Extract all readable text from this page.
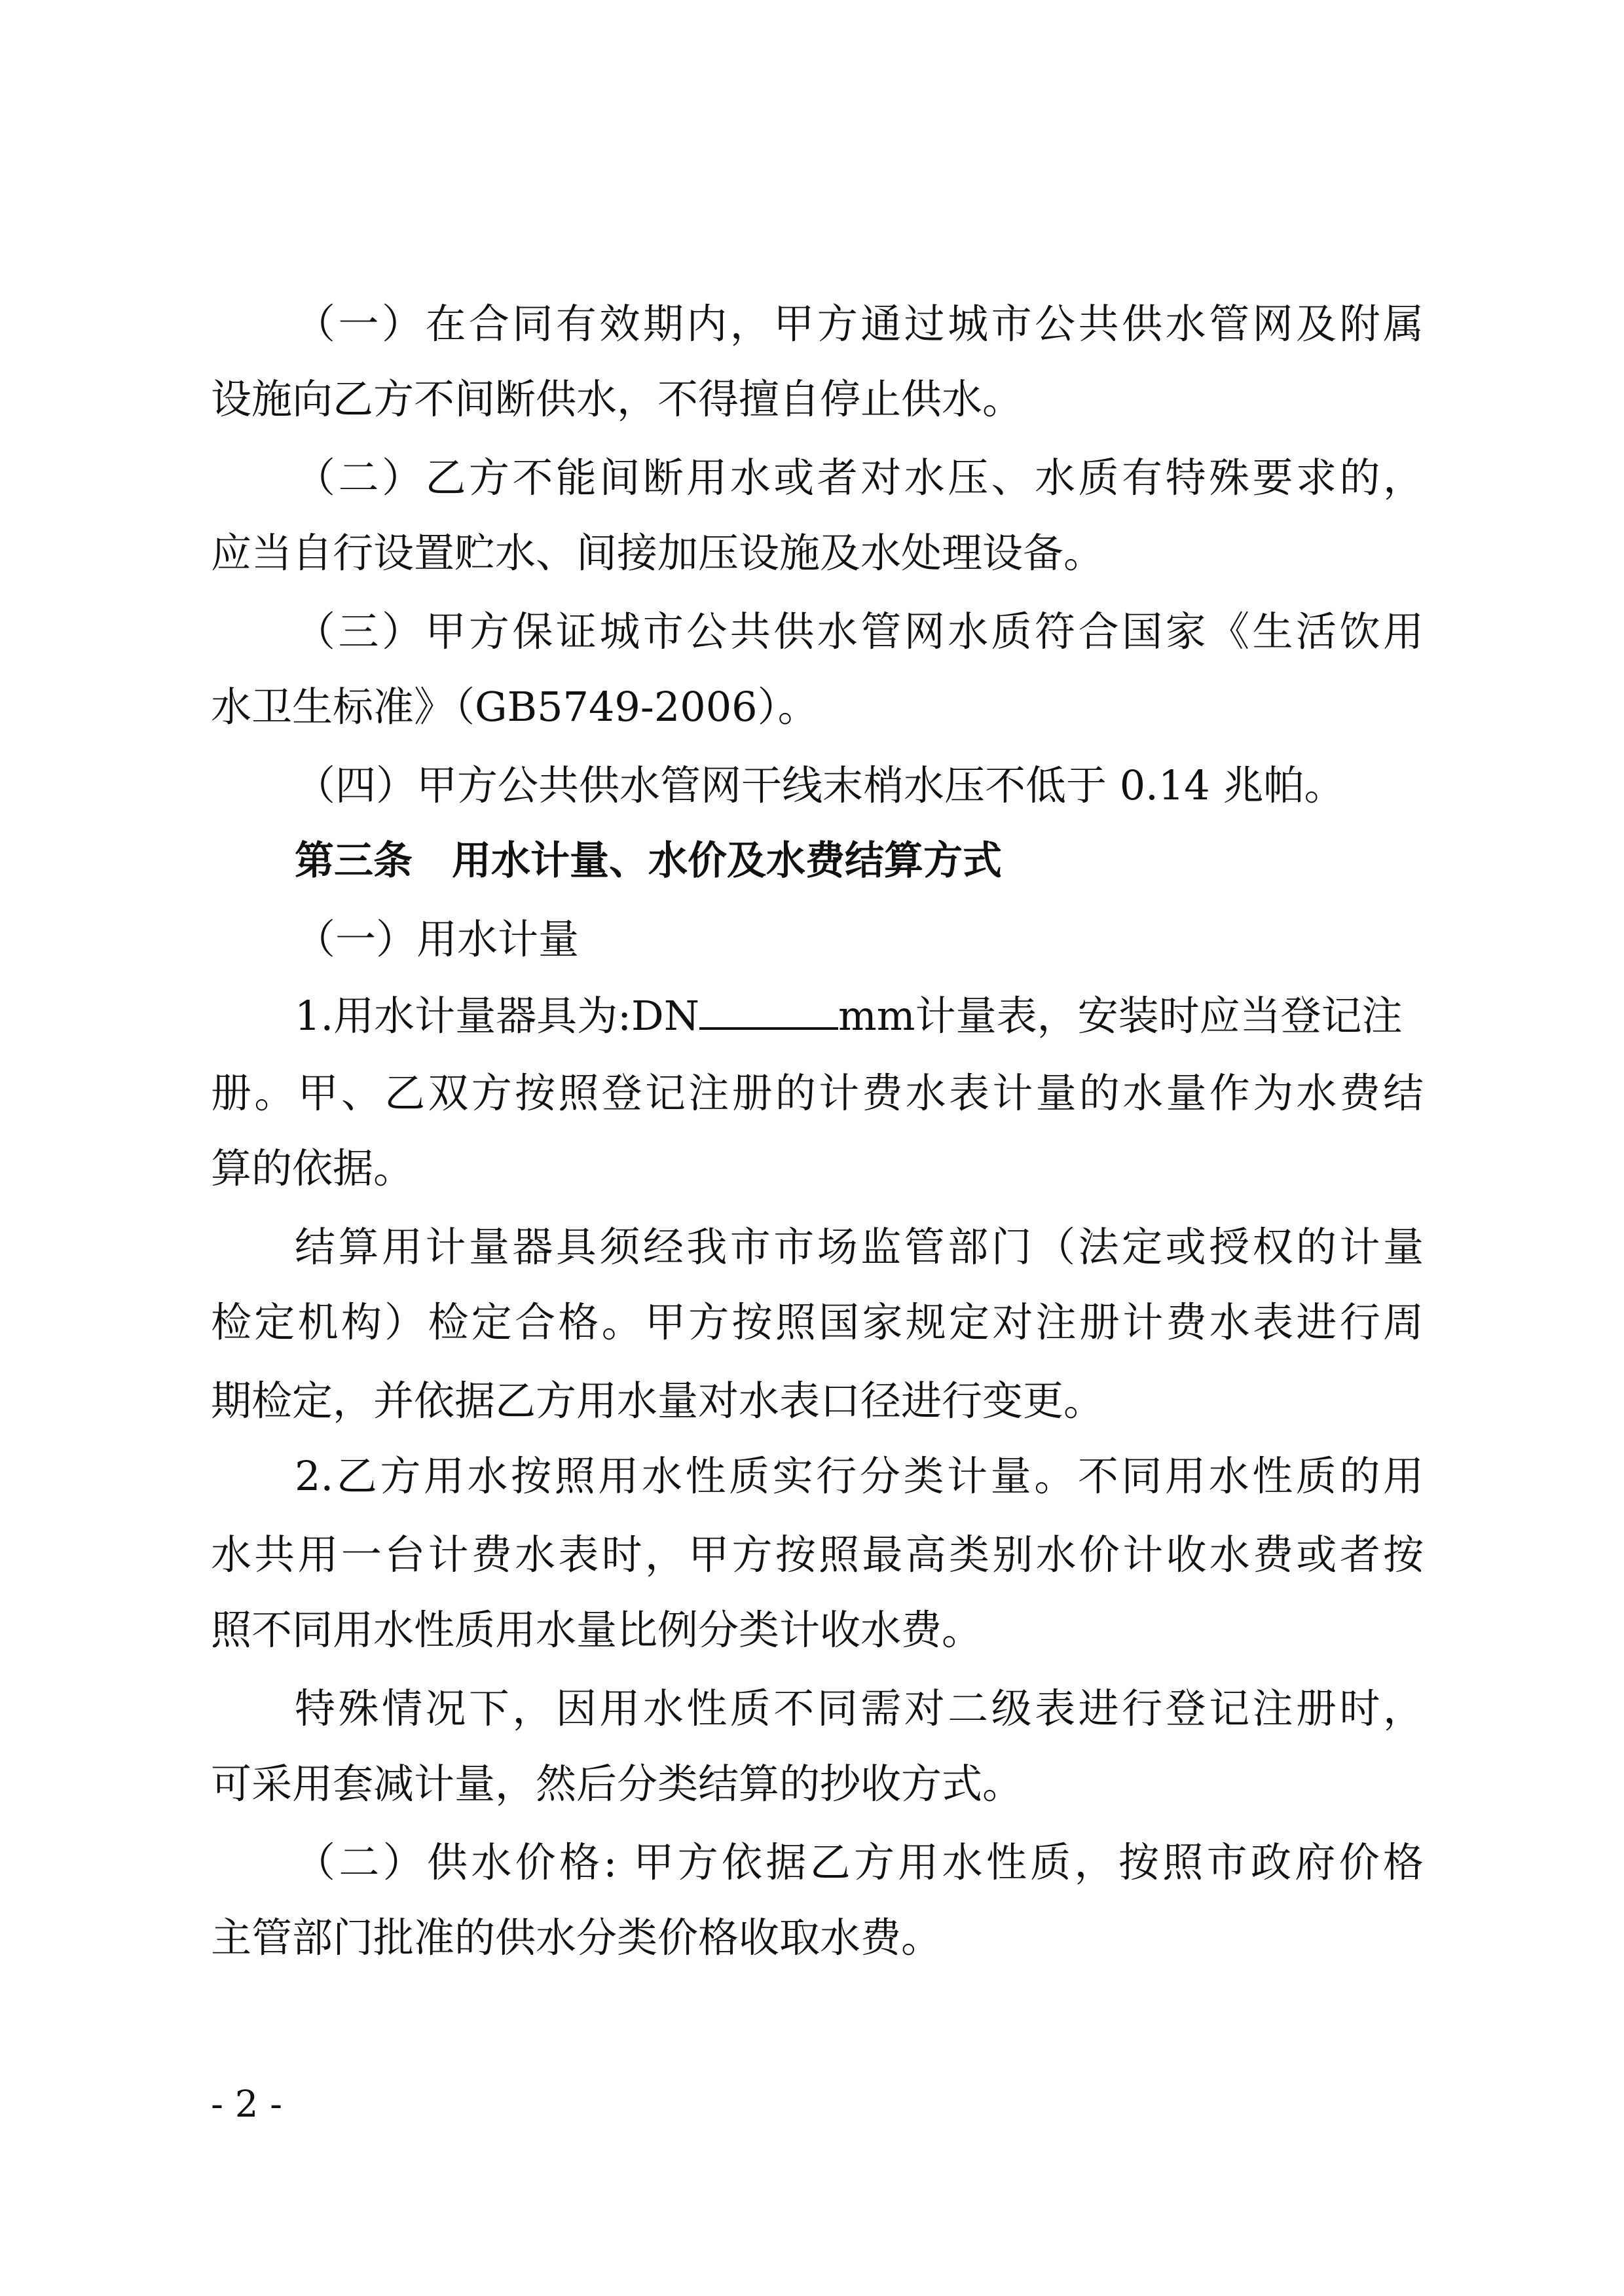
（一）在合同有效期内，甲方通过城市公共供水管网及附属
设施向乙方不间断供水，不得擅自停止供水。
（二）乙方不能间断用水或者对水压、水质有特殊要求的，
应当自行设置贮水、间接加压设施及水处理设备。
（三）甲方保证城市公共供水管网水质符合国家《生活饮用
水卫生标准》（GB5749-2006）。
（四）甲方公共供水管网干线末梢水压不低于 0.14 兆帕。
第三条　用水计量、水价及水费结算方式
（一）用水计量
1.用水计量器具为:DN	mm计量表，安装时应当登记注
册。甲、乙双方按照登记注册的计费水表计量的水量作为水费结
算的依据。
结算用计量器具须经我市市场监管部门（法定或授权的计量
检定机构）检定合格。甲方按照国家规定对注册计费水表进行周
期检定，并依据乙方用水量对水表口径进行变更。
2.乙方用水按照用水性质实行分类计量。不同用水性质的用
水共用一台计费水表时，甲方按照最高类别水价计收水费或者按
照不同用水性质用水量比例分类计收水费。
特殊情况下，因用水性质不同需对二级表进行登记注册时，
可采用套减计量，然后分类结算的抄收方式。
（二）供水价格: 甲方依据乙方用水性质，按照市政府价格
主管部门批准的供水分类价格收取水费。
- 2 -
